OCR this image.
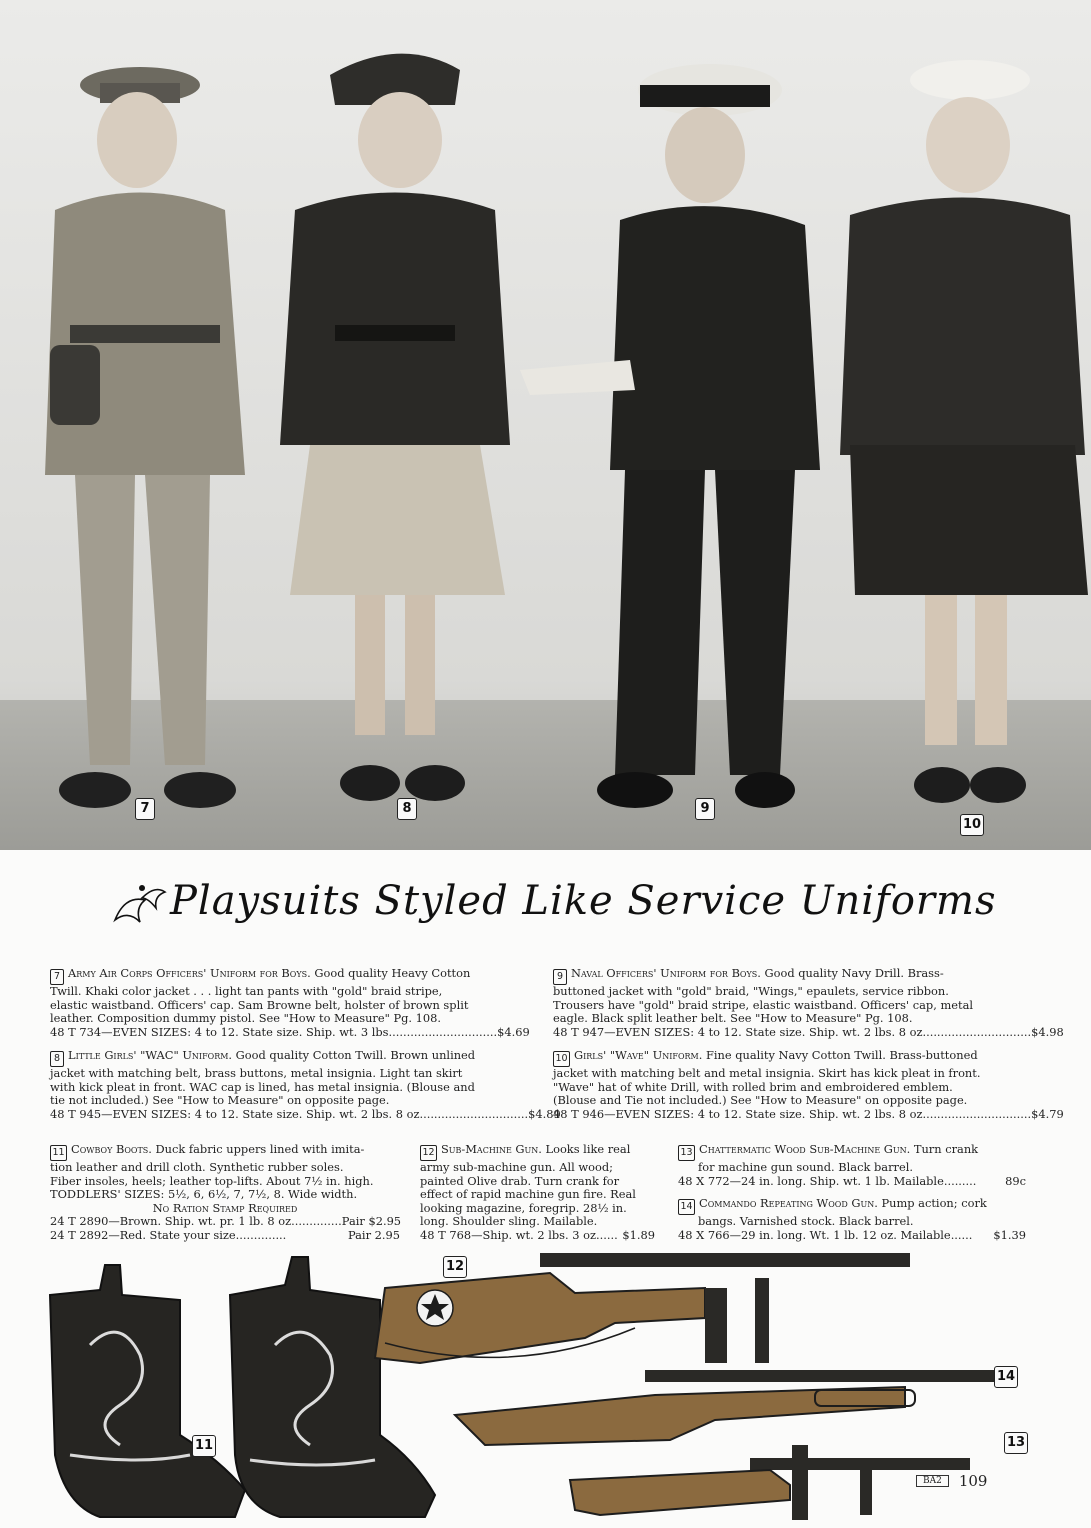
7	8	9
10
Playsuits Styled Like Service Uniforms
7 Army Air Corps Officers' Uniform for Boys. Good quality Heavy Cotton
Twill. Khaki color jacket . . . light tan pants with "gold" braid stripe,
elastic waistband. Officers' cap. Sam Browne belt, holster of brown split
leather. Composition dummy pistol. See "How to Measure" Pg. 108.
48 T 734—EVEN SIZES: 4 to 12. State size. Ship. wt. 3 lbs .............................. $4.69
8 Little Girls' "WAC" Uniform. Good quality Cotton Twill. Brown unlined
jacket with matching belt, brass buttons, metal insignia. Light tan skirt
with kick pleat in front. WAC cap is lined, has metal insignia. (Blouse and
tie not included.) See "How to Measure" on opposite page.
48 T 945—EVEN SIZES: 4 to 12. State size. Ship. wt. 2 lbs. 8 oz .............................. $4.89
9 Naval Officers' Uniform for Boys. Good quality Navy Drill. Brass-
buttoned jacket with "gold" braid, "Wings," epaulets, service ribbon.
Trousers have "gold" braid stripe, elastic waistband. Officers' cap, metal
eagle. Black split leather belt. See "How to Measure" Pg. 108.
48 T 947—EVEN SIZES: 4 to 12. State size. Ship. wt. 2 lbs. 8 oz .............................. $4.98
10 Girls' "Wave" Uniform. Fine quality Navy Cotton Twill. Brass-buttoned
jacket with matching belt and metal insignia. Skirt has kick pleat in front.
"Wave" hat of white Drill, with rolled brim and embroidered emblem.
(Blouse and Tie not included.) See "How to Measure" on opposite page.
48 T 946—EVEN SIZES: 4 to 12. State size. Ship. wt. 2 lbs. 8 oz .............................. $4.79
11 Cowboy Boots. Duck fabric uppers lined with imita-
tion leather and drill cloth. Synthetic rubber soles.
Fiber insoles, heels; leather top-lifts. About 7½ in. high.
TODDLERS' SIZES: 5½, 6, 6½, 7, 7½, 8. Wide width.
No Ration Stamp Required
24 T 2890—Brown. Ship. wt. pr. 1 lb. 8 oz .............. Pair $2.95
24 T 2892—Red. State your size ..............	Pair 2.95
12 Sub-Machine Gun. Looks like real
army sub-machine gun. All wood;
painted Olive drab. Turn crank for
effect of rapid machine gun fire. Real
looking magazine, foregrip. 28½ in.
long. Shoulder sling. Mailable.
48 T 768—Ship. wt. 2 lbs. 3 oz ...... $1.89
13 Chattermatic Wood Sub-Machine Gun. Turn crank
for machine gun sound. Black barrel.
48 X 772—24 in. long. Ship. wt. 1 lb. Mailable .........	89c
14 Commando Repeating Wood Gun. Pump action; cork
bangs. Varnished stock. Black barrel.
48 X 766—29 in. long. Wt. 1 lb. 12 oz. Mailable ......	$1.39
11
12
14
13
BA2 109
